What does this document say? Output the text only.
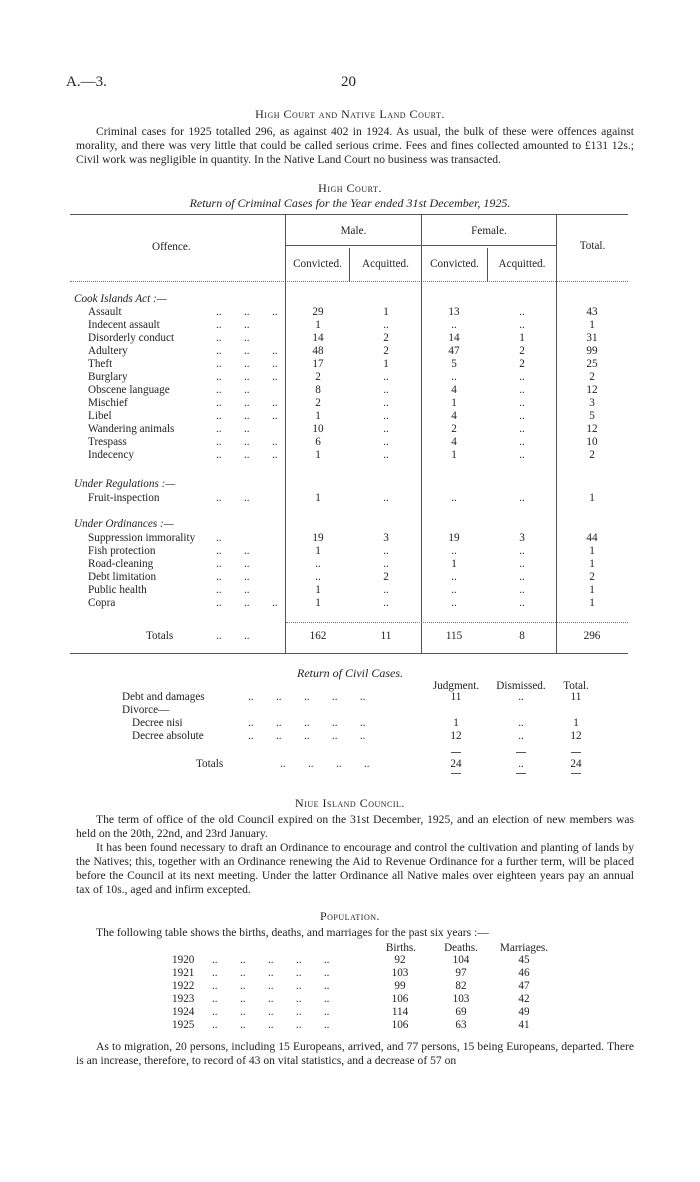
A.—3.	20
High Court and Native Land Court.
Criminal cases for 1925 totalled 296, as against 402 in 1924. As usual, the bulk of these were offences against morality, and there was very little that could be called serious crime. Fees and fines collected amounted to £131 12s.; Civil work was negligible in quantity. In the Native Land Court no business was transacted.
High Court.
Return of Criminal Cases for the Year ended 31st December, 1925.
Offence.
Male.	Female.
Total.
Convicted.	Acquitted.	Convicted.	Acquitted.
Cook Islands Act :—
Under Regulations :—
Under Ordinances :—
Assault	..        ..        ..	29	1	13	..	43
Indecent assault	..        ..	1	..	..	..	1
Disorderly conduct	..        ..	14	2	14	1	31
Adultery	..        ..        ..	48	2	47	2	99
Theft	..        ..        ..	17	1	5	2	25
Burglary	..        ..        ..	2	..	..	..	2
Obscene language	..        ..	8	..	4	..	12
Mischief	..        ..        ..	2	..	1	..	3
Libel	..        ..        ..	1	..	4	..	5
Wandering animals	..        ..	10	..	2	..	12
Trespass	..        ..        ..	6	..	4	..	10
Indecency	..        ..        ..	1	..	1	..	2
Fruit-inspection	..        ..	1	..	..	..	1
Suppression immorality ..	19	3	19	3	44
Fish protection	..        ..	1	..	..	..	1
Road-cleaning	..        ..	..	..	1	..	1
Debt limitation	..        ..	..	2	..	..	2
Public health	..        ..	1	..	..	..	1
Copra	..        ..        ..	1	..	..	..	1
Totals	..        ..	162	11	115	8	296
Return of Civil Cases.
Judgment.	Dismissed.	Total.
Debt and damages	..        ..        ..        ..        ..	11	..	11
Divorce—
Decree nisi	..        ..        ..        ..        ..	1	..	1
Decree absolute	..        ..        ..        ..        ..	12	..	12
Totals	..        ..        ..        ..	24	..	24
Niue Island Council.
The term of office of the old Council expired on the 31st December, 1925, and an election of new members was held on the 20th, 22nd, and 23rd January.
It has been found necessary to draft an Ordinance to encourage and control the cultivation and planting of lands by the Natives; this, together with an Ordinance renewing the Aid to Revenue Ordinance for a further term, will be placed before the Council at its next meeting. Under the latter Ordinance all Native males over eighteen years pay an annual tax of 10s., aged and infirm excepted.
Population.
The following table shows the births, deaths, and marriages for the past six years :—
Births.	Deaths.	Marriages.
1920 ..        ..        ..        ..        ..	92	104	45
1921 ..        ..        ..        ..        ..	103	97	46
1922 ..        ..        ..        ..        ..	99	82	47
1923 ..        ..        ..        ..        ..	106	103	42
1924 ..        ..        ..        ..        ..	114	69	49
1925 ..        ..        ..        ..        ..	106	63	41
As to migration, 20 persons, including 15 Europeans, arrived, and 77 persons, 15 being Europeans, departed. There is an increase, therefore, to record of 43 on vital statistics, and a decrease of 57 on
